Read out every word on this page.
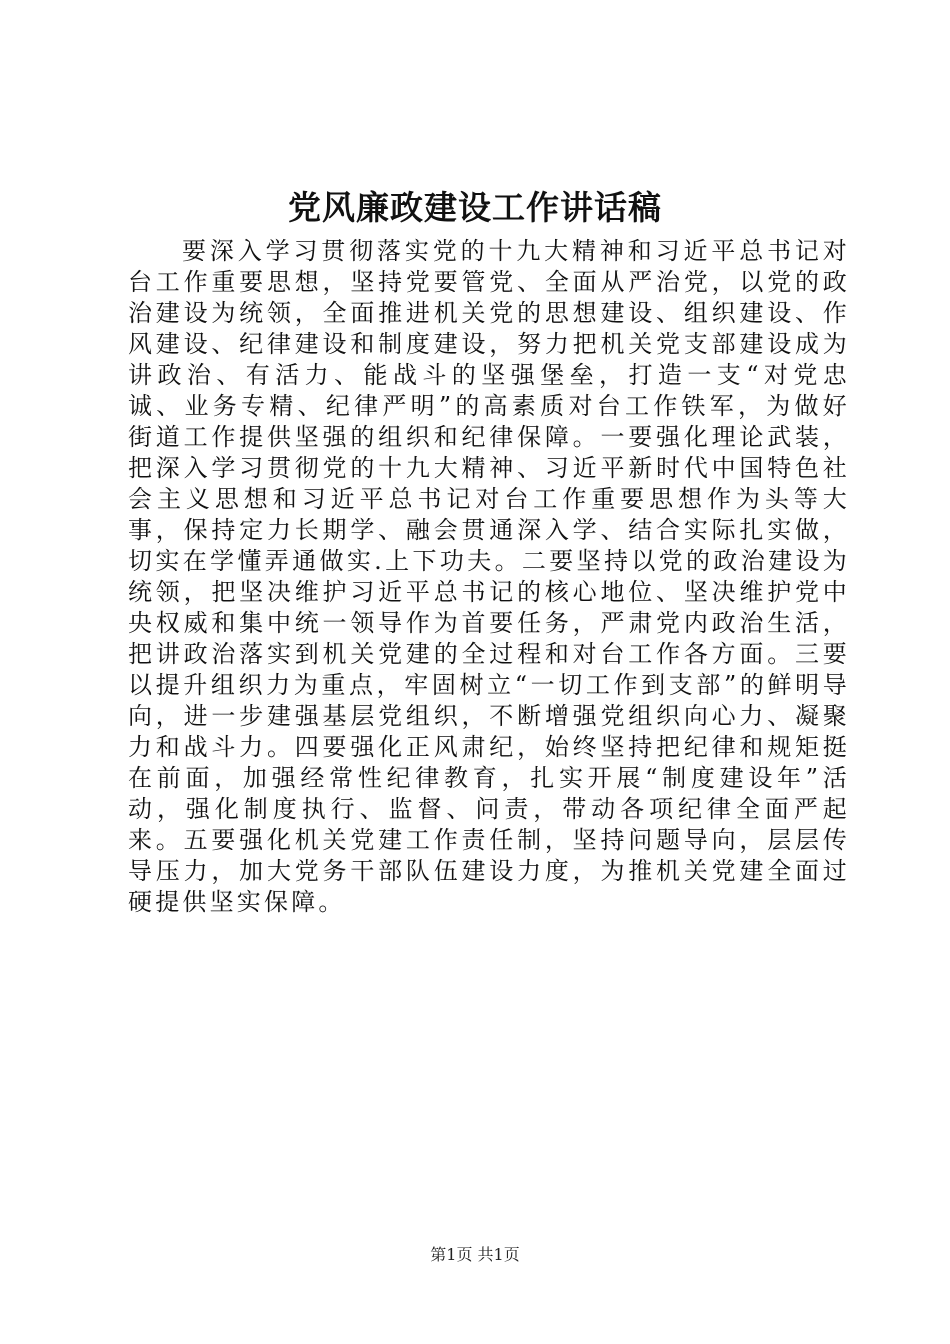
党风廉政建设工作讲话稿

要深入学习贯彻落实党的十九大精神和习近平总书记对台工作重要思想，坚持党要管党、全面从严治党，以党的政治建设为统领，全面推进机关党的思想建设、组织建设、作风建设、纪律建设和制度建设，努力把机关党支部建设成为讲政治、有活力、能战斗的坚强堡垒，打造一支“对党忠诚、业务专精、纪律严明”的高素质对台工作铁军，为做好街道工作提供坚强的组织和纪律保障。一要强化理论武装，把深入学习贯彻党的十九大精神、习近平新时代中国特色社会主义思想和习近平总书记对台工作重要思想作为头等大事，保持定力长期学、融会贯通深入学、结合实际扎实做，切实在学懂弄通做实.上下功夫。二要坚持以党的政治建设为统领，把坚决维护习近平总书记的核心地位、坚决维护党中央权威和集中统一领导作为首要任务，严肃党内政治生活，把讲政治落实到机关党建的全过程和对台工作各方面。三要以提升组织力为重点，牢固树立“一切工作到支部”的鲜明导向，进一步建强基层党组织，不断增强党组织向心力、凝聚力和战斗力。四要强化正风肃纪，始终坚持把纪律和规矩挺在前面，加强经常性纪律教育，扎实开展“制度建设年”活动，强化制度执行、监督、问责，带动各项纪律全面严起来。五要强化机关党建工作责任制，坚持问题导向，层层传导压力，加大党务干部队伍建设力度，为推机关党建全面过硬提供坚实保障。

第1页 共1页
